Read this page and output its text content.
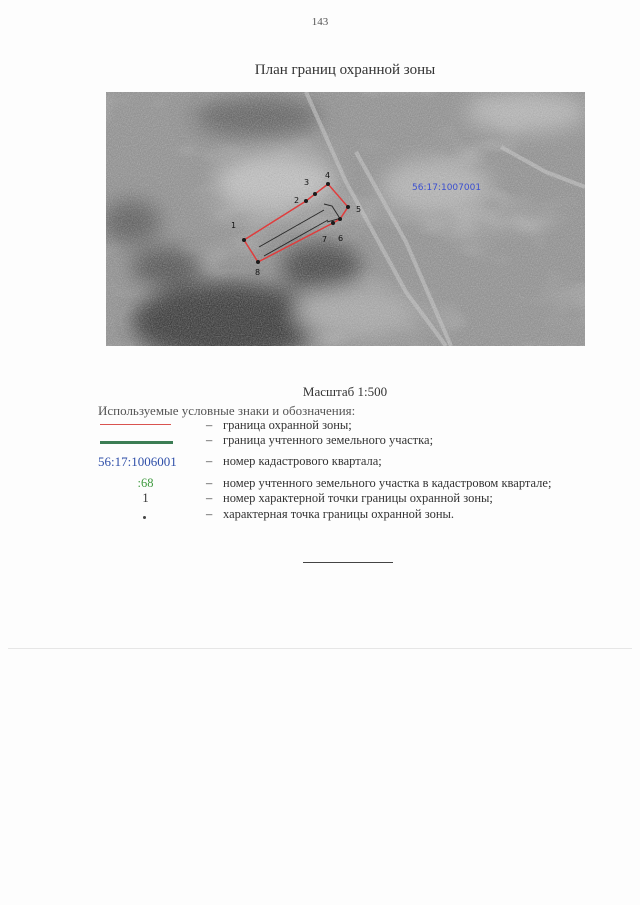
143
План границ охранной зоны
1
2
3
4
5
6
7
8
56:17:1007001
Масштаб 1:500
Используемые условные знаки и обозначения:
– граница охранной зоны;
– граница учтенного земельного участка;
56:17:1006001	– номер кадастрового квартала;
:68	– номер учтенного земельного участка в кадастровом квартале;
1	– номер характерной точки границы охранной зоны;
– характерная точка границы охранной зоны.
